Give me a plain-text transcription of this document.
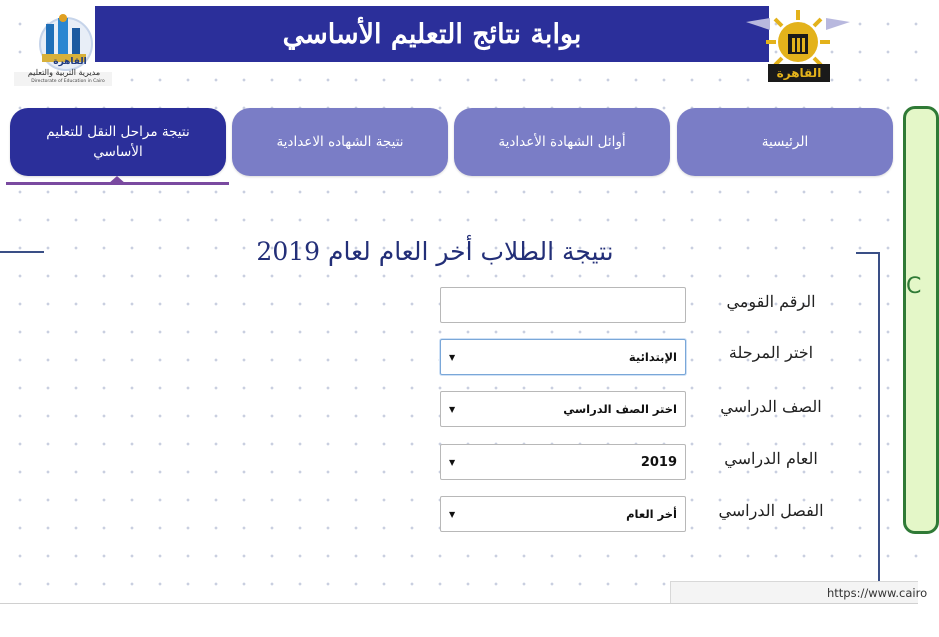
بوابة نتائج التعليم الأساسي
القاهرة
مديرية التربية والتعليم
Directorate of Education in Cairo
القاهرة
نتيجة مراحل النقل للتعليم الأساسي
نتيجة الشهاده الاعدادية	أوائل الشهادة الأعدادية	الرئيسية
C
نتيجة الطلاب أخر العام لعام 2019
الرقم القومي
اختر المرحلة
▼	الإبتدائية
الصف الدراسي
▼	اختر الصف الدراسي
العام الدراسي
▼	2019
الفصل الدراسي
▼	أخر العام
https://www.cairo
